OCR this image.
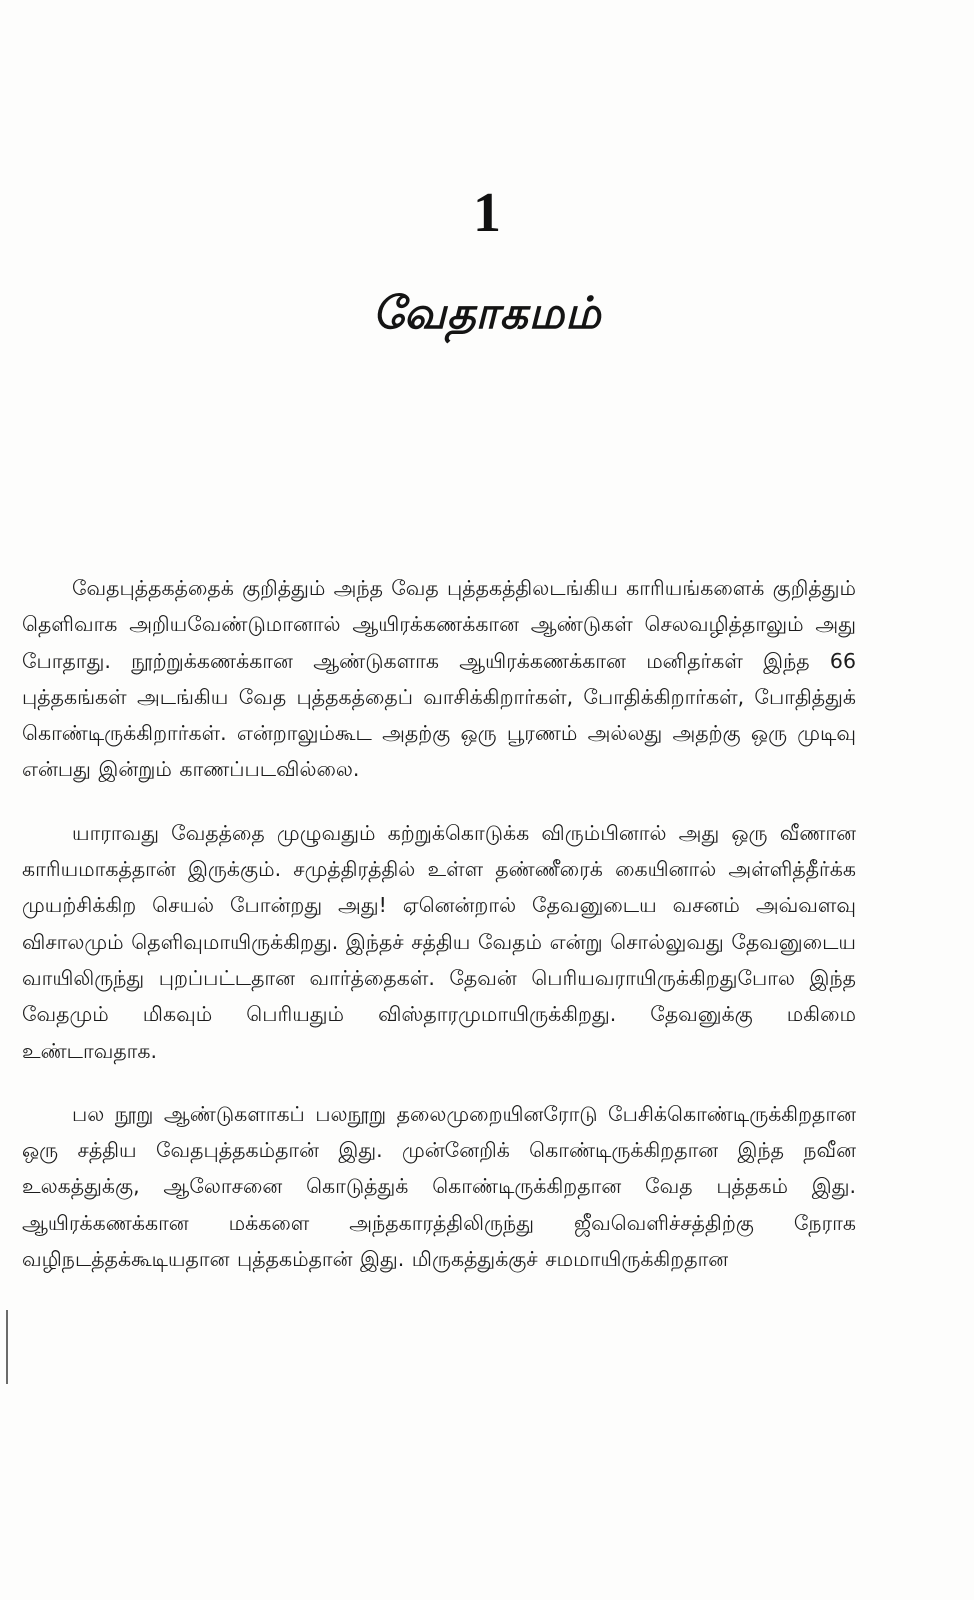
1
வேதாகமம்

வேதபுத்தகத்தைக் குறித்தும் அந்த வேத புத்தகத்திலடங்கிய காரியங்களைக் குறித்தும் தெளிவாக அறியவேண்டுமானால் ஆயிரக்கணக்கான ஆண்டுகள் செலவழித்தாலும் அது போதாது. நூற்றுக்கணக்கான ஆண்டுகளாக ஆயிரக்கணக்கான மனிதர்கள் இந்த 66 புத்தகங்கள் அடங்கிய வேத புத்தகத்தைப் வாசிக்கிறார்கள், போதிக்கிறார்கள், போதித்துக் கொண்டிருக்கிறார்கள். என்றாலும்கூட அதற்கு ஒரு பூரணம் அல்லது அதற்கு ஒரு முடிவு என்பது இன்றும் காணப்படவில்லை.

யாராவது வேதத்தை முழுவதும் கற்றுக்கொடுக்க விரும்பினால் அது ஒரு வீணான காரியமாகத்தான் இருக்கும். சமுத்திரத்தில் உள்ள தண்ணீரைக் கையினால் அள்ளித்தீர்க்க முயற்சிக்கிற செயல் போன்றது அது! ஏனென்றால் தேவனுடைய வசனம் அவ்வளவு விசாலமும் தெளிவுமாயிருக்கிறது. இந்தச் சத்திய வேதம் என்று சொல்லுவது தேவனுடைய வாயிலிருந்து புறப்பட்டதான வார்த்தைகள். தேவன் பெரியவராயிருக்கிறதுபோல இந்த வேதமும் மிகவும் பெரியதும் விஸ்தாரமுமாயிருக்கிறது. தேவனுக்கு மகிமை உண்டாவதாக.

பல நூறு ஆண்டுகளாகப் பலநூறு தலைமுறையினரோடு பேசிக்கொண்டிருக்கிறதான ஒரு சத்திய வேதபுத்தகம்தான் இது. முன்னேறிக் கொண்டிருக்கிறதான இந்த நவீன உலகத்துக்கு, ஆலோசனை கொடுத்துக் கொண்டிருக்கிறதான வேத புத்தகம் இது. ஆயிரக்கணக்கான மக்களை அந்தகாரத்திலிருந்து ஜீவவெளிச்சத்திற்கு நேராக வழிநடத்தக்கூடியதான புத்தகம்தான் இது. மிருகத்துக்குச் சமமாயிருக்கிறதான
